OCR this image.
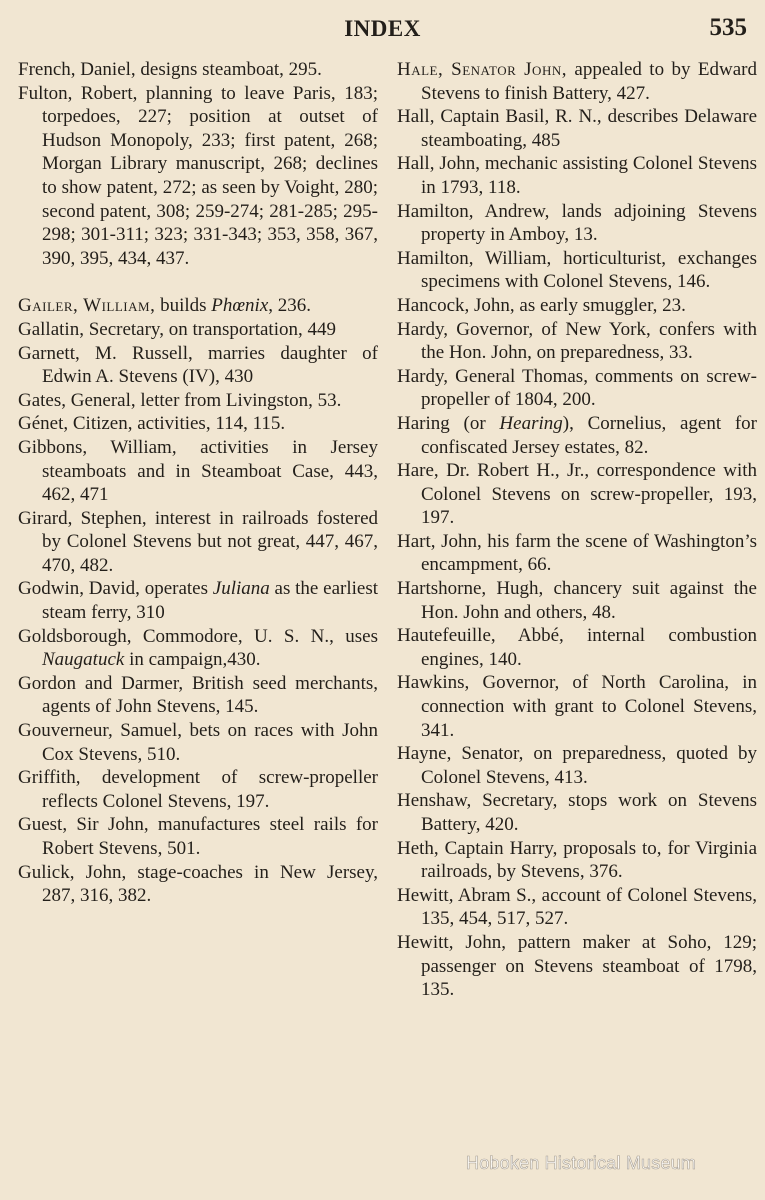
INDEX	535

French, Daniel, designs steamboat, 295.

Fulton, Robert, planning to leave Paris, 183; torpedoes, 227; position at outset of Hudson Monopoly, 233; first patent, 268; Morgan Library manuscript, 268; declines to show patent, 272; as seen by Voight, 280; second patent, 308; 259-274; 281-285; 295-298; 301-311; 323; 331-343; 353, 358, 367, 390, 395, 434, 437.

Gailer, William, builds Phœnix, 236.

Gallatin, Secretary, on transportation, 449

Garnett, M. Russell, marries daughter of Edwin A. Stevens (IV), 430

Gates, General, letter from Livingston, 53.

Génet, Citizen, activities, 114, 115.

Gibbons, William, activities in Jersey steamboats and in Steamboat Case, 443, 462, 471

Girard, Stephen, interest in railroads fostered by Colonel Stevens but not great, 447, 467, 470, 482.

Godwin, David, operates Juliana as the earliest steam ferry, 310

Goldsborough, Commodore, U. S. N., uses Naugatuck in campaign,430.

Gordon and Darmer, British seed merchants, agents of John Stevens, 145.

Gouverneur, Samuel, bets on races with John Cox Stevens, 510.

Griffith, development of screw-propeller reflects Colonel Stevens, 197.

Guest, Sir John, manufactures steel rails for Robert Stevens, 501.

Gulick, John, stage-coaches in New Jersey, 287, 316, 382.

Hale, Senator John, appealed to by Edward Stevens to finish Battery, 427.

Hall, Captain Basil, R. N., describes Delaware steamboating, 485

Hall, John, mechanic assisting Colonel Stevens in 1793, 118.

Hamilton, Andrew, lands adjoining Stevens property in Amboy, 13.

Hamilton, William, horticulturist, exchanges specimens with Colonel Stevens, 146.

Hancock, John, as early smuggler, 23.

Hardy, Governor, of New York, confers with the Hon. John, on preparedness, 33.

Hardy, General Thomas, comments on screw-propeller of 1804, 200.

Haring (or Hearing), Cornelius, agent for confiscated Jersey estates, 82.

Hare, Dr. Robert H., Jr., correspondence with Colonel Stevens on screw-propeller, 193, 197.

Hart, John, his farm the scene of Washington’s encampment, 66.

Hartshorne, Hugh, chancery suit against the Hon. John and others, 48.

Hautefeuille, Abbé, internal combustion engines, 140.

Hawkins, Governor, of North Carolina, in connection with grant to Colonel Stevens, 341.

Hayne, Senator, on preparedness, quoted by Colonel Stevens, 413.

Henshaw, Secretary, stops work on Stevens Battery, 420.

Heth, Captain Harry, proposals to, for Virginia railroads, by Stevens, 376.

Hewitt, Abram S., account of Colonel Stevens, 135, 454, 517, 527.

Hewitt, John, pattern maker at Soho, 129; passenger on Stevens steamboat of 1798, 135.

Hoboken Historical Museum
